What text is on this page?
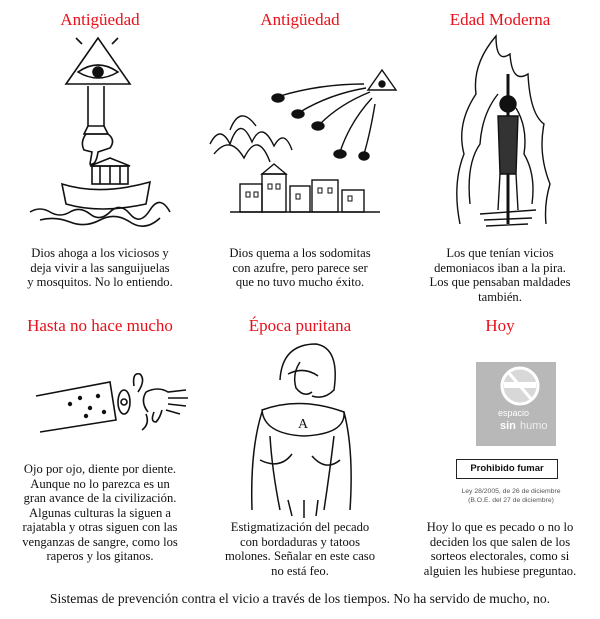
Antigüedad
Dios ahoga a los viciosos y
deja vivir a las sanguijuelas
y mosquitos. No lo entiendo.
Antigüedad
Dios quema a los sodomitas
con azufre, pero parece ser
que no tuvo mucho éxito.
Edad Moderna
Los que tenían vicios
demoniacos iban a la pira.
Los que pensaban maldades
también.
Hasta no hace mucho
Ojo por ojo, diente por diente.
Aunque no lo parezca es un
gran avance de la civilización.
Algunas culturas la siguen a
rajatabla y otras siguen con las
venganzas de sangre, como los
raperos y los gitanos.
Época puritana
A
Estigmatización del pecado
con bordaduras y tatoos
molones. Señalar en este caso
no está feo.
Hoy
espacio
sin humo
Prohibido fumar
Ley 28/2005, de 26 de diciembre
(B.O.E. del 27 de diciembre)
Hoy lo que es pecado o no lo
deciden los que salen de los
sorteos electorales, como si
alguien les hubiese preguntao.
Sistemas de prevención contra el vicio a través de los tiempos. No ha servido de mucho, no.
